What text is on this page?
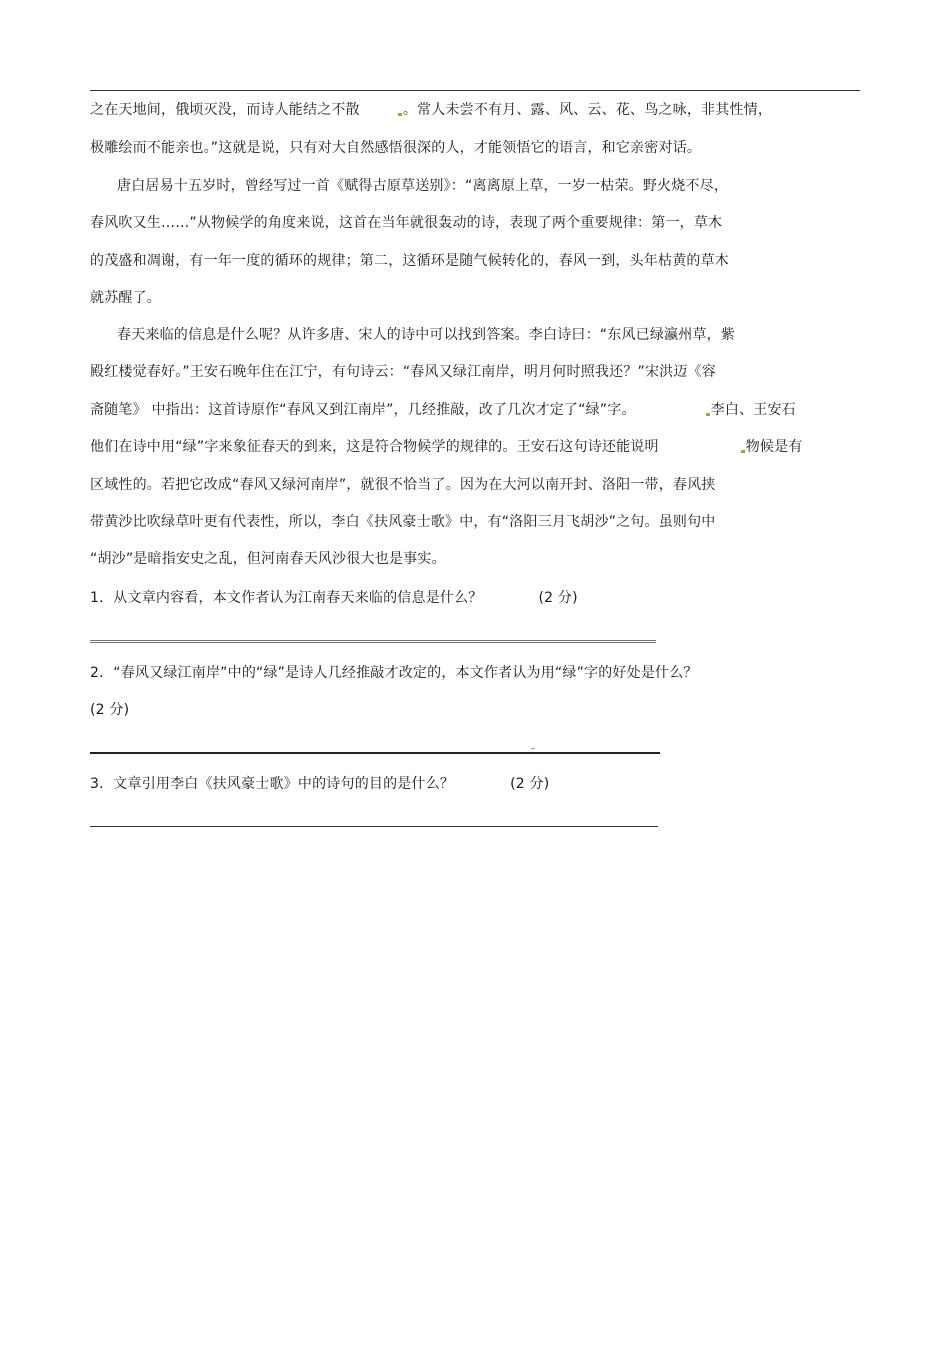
之在天地间，俄顷灭没，而诗人能结之不散	。常人未尝不有月、露、风、云、花、鸟之咏，非其性情，
极雕绘而不能亲也。”这就是说，只有对大自然感悟很深的人，才能领悟它的语言，和它亲密对话。
唐白居易十五岁时，曾经写过一首《赋得古原草送别》：“离离原上草，一岁一枯荣。野火烧不尽，
春风吹又生……”从物候学的角度来说，这首在当年就很轰动的诗，表现了两个重要规律：第一，草木
的茂盛和凋谢，有一年一度的循环的规律；第二，这循环是随气候转化的，春风一到，头年枯黄的草木
就苏醒了。
春天来临的信息是什么呢？从许多唐、宋人的诗中可以找到答案。李白诗曰：“东风已绿瀛州草，紫
殿红楼觉春好。”王安石晚年住在江宁，有句诗云：“春风又绿江南岸，明月何时照我还？”宋洪迈《容
斋随笔》 中指出：这首诗原作“春风又到江南岸”，几经推敲，改了几次才定了“绿”字。	李白、王安石
他们在诗中用“绿”字来象征春天的到来，这是符合物候学的规律的。王安石这句诗还能说明	物候是有
区域性的。若把它改成“春风又绿河南岸”，就很不恰当了。因为在大河以南开封、洛阳一带，春风挟
带黄沙比吹绿草叶更有代表性，所以，李白《扶风豪士歌》中，有“洛阳三月飞胡沙”之句。虽则句中
“胡沙”是暗指安史之乱，但河南春天风沙很大也是事实。
1．从文章内容看，本文作者认为江南春天来临的信息是什么？	(2 分)
2．“春风又绿江南岸”中的“绿”是诗人几经推敲才改定的，本文作者认为用“绿”字的好处是什么？
(2 分)
3．文章引用李白《扶风豪士歌》中的诗句的目的是什么？	(2 分)
